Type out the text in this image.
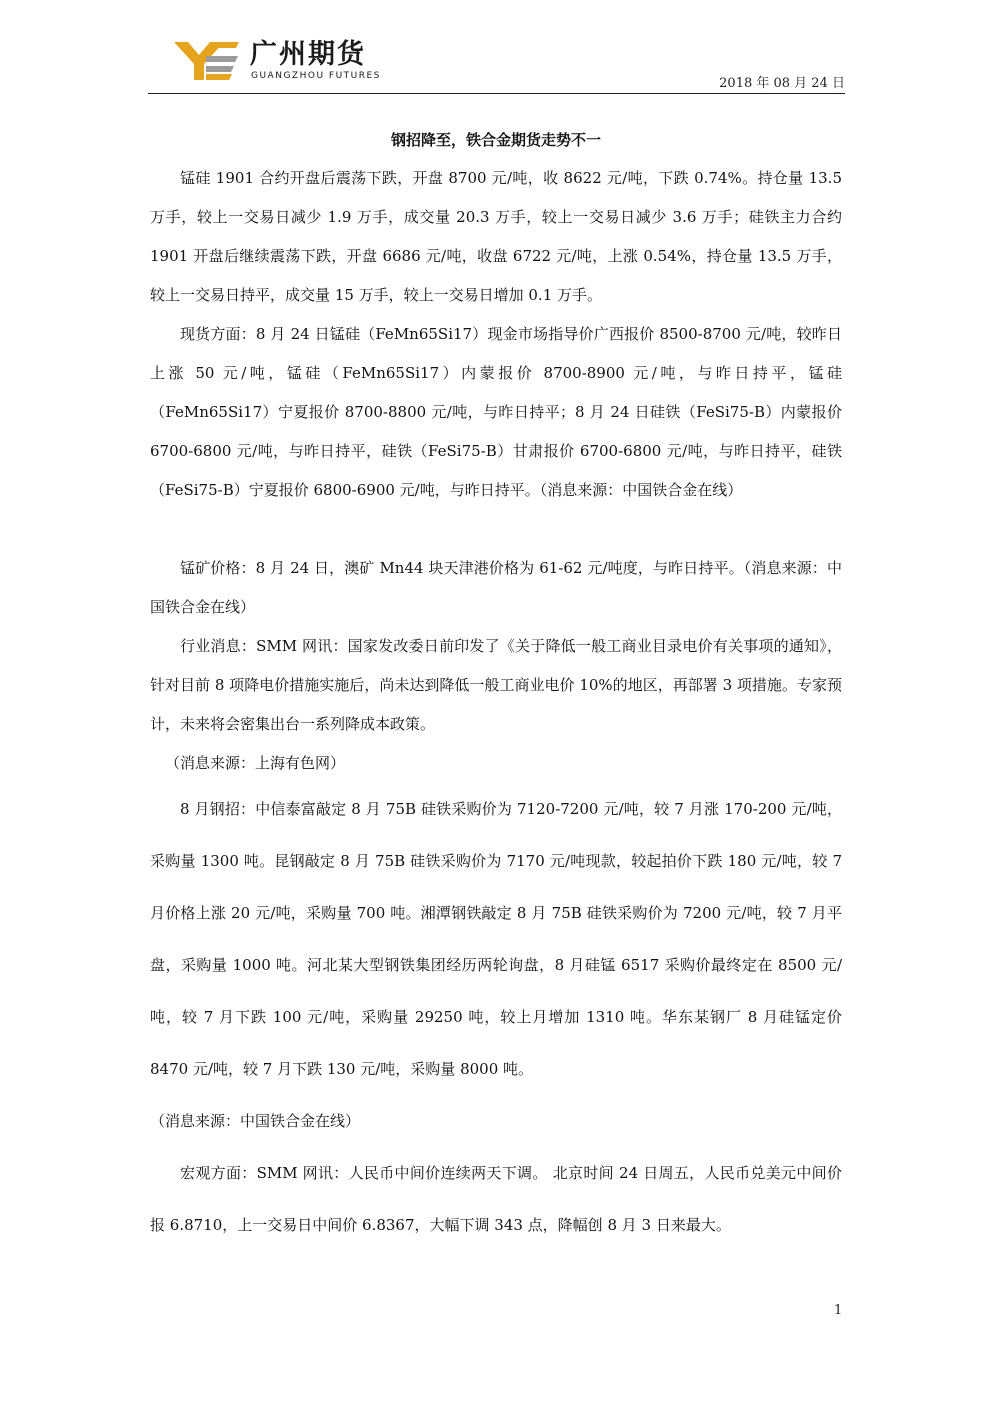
广州期货
GUANGZHOU FUTURES	2018 年 08 月 24 日
钢招降至，铁合金期货走势不一

锰硅 1901 合约开盘后震荡下跌，开盘 8700 元/吨，收 8622 元/吨，下跌 0.74%。持仓量 13.5 万手，较上一交易日减少 1.9 万手，成交量 20.3 万手，较上一交易日减少 3.6 万手；硅铁主力合约 1901 开盘后继续震荡下跌，开盘 6686 元/吨，收盘 6722 元/吨，上涨 0.54%，持仓量 13.5 万手，较上一交易日持平，成交量 15 万手，较上一交易日增加 0.1 万手。

现货方面：8 月 24 日锰硅（FeMn65Si17）现金市场指导价广西报价 8500-8700 元/吨，较昨日上涨 50 元/吨，锰硅（FeMn65Si17）内蒙报价 8700-8900 元/吨，与昨日持平，锰硅（FeMn65Si17）宁夏报价 8700-8800 元/吨，与昨日持平；8 月 24 日硅铁（FeSi75-B）内蒙报价 6700-6800 元/吨，与昨日持平，硅铁（FeSi75-B）甘肃报价 6700-6800 元/吨，与昨日持平，硅铁（FeSi75-B）宁夏报价 6800-6900 元/吨，与昨日持平。（消息来源：中国铁合金在线）

锰矿价格：8 月 24 日，澳矿 Mn44 块天津港价格为 61-62 元/吨度，与昨日持平。（消息来源：中国铁合金在线）

行业消息：SMM 网讯：国家发改委日前印发了《关于降低一般工商业目录电价有关事项的通知》，针对目前 8 项降电价措施实施后，尚未达到降低一般工商业电价 10%的地区，再部署 3 项措施。专家预计，未来将会密集出台一系列降成本政策。

（消息来源：上海有色网）

8 月钢招：中信泰富敲定 8 月 75B 硅铁采购价为 7120-7200 元/吨，较 7 月涨 170-200 元/吨，采购量 1300 吨。昆钢敲定 8 月 75B 硅铁采购价为 7170 元/吨现款，较起拍价下跌 180 元/吨，较 7 月价格上涨 20 元/吨，采购量 700 吨。湘潭钢铁敲定 8 月 75B 硅铁采购价为 7200 元/吨，较 7 月平盘，采购量 1000 吨。河北某大型钢铁集团经历两轮询盘，8 月硅锰 6517 采购价最终定在 8500 元/吨，较 7 月下跌 100 元/吨，采购量 29250 吨，较上月增加 1310 吨。华东某钢厂 8 月硅锰定价 8470 元/吨，较 7 月下跌 130 元/吨，采购量 8000 吨。

（消息来源：中国铁合金在线）

宏观方面：SMM 网讯：人民币中间价连续两天下调。 北京时间 24 日周五，人民币兑美元中间价报 6.8710，上一交易日中间价 6.8367，大幅下调 343 点，降幅创 8 月 3 日来最大。

1
